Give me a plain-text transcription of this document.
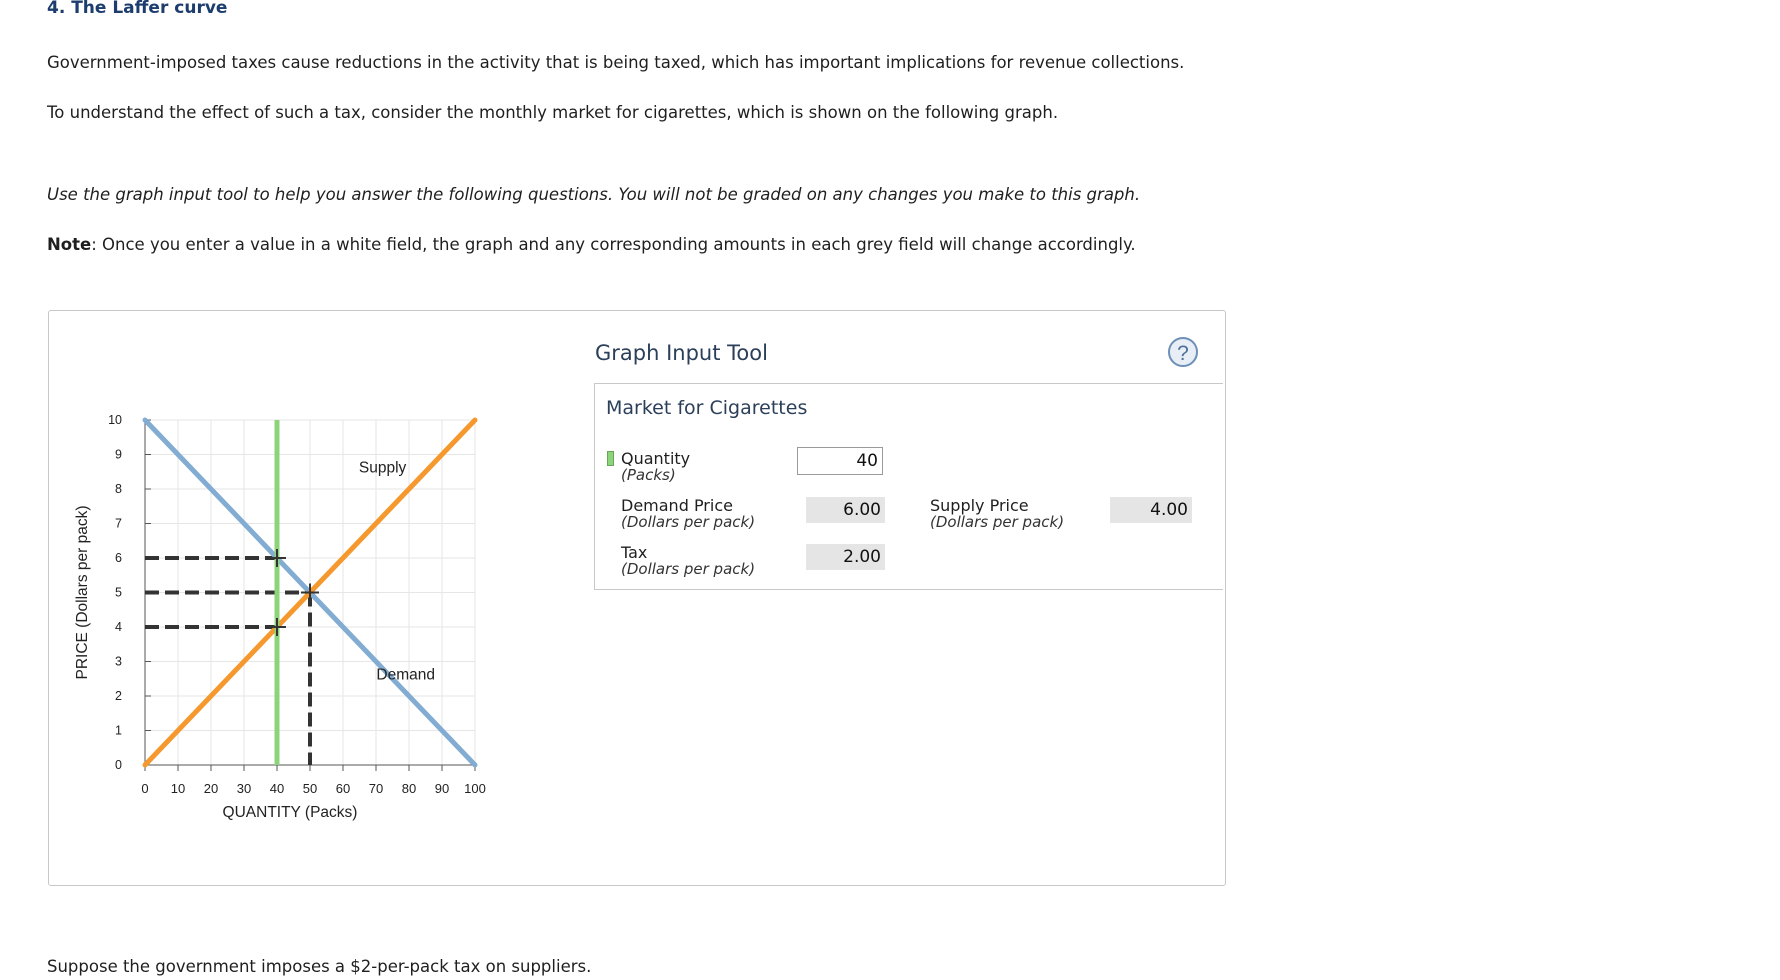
4. The Laffer curve
Government-imposed taxes cause reductions in the activity that is being taxed, which has important implications for revenue collections.
To understand the effect of such a tax, consider the monthly market for cigarettes, which is shown on the following graph.
Use the graph input tool to help you answer the following questions. You will not be graded on any changes you make to this graph.
Note: Once you enter a value in a white field, the graph and any corresponding amounts in each grey field will change accordingly.
0 10 20 30 40 50 60 70 80 90 100
0
1
2
3
4
5
6
7
8
9
10
QUANTITY (Packs)
PRICE (Dollars per pack)
Supply
Demand
Graph Input Tool	?
Market for Cigarettes
Quantity
(Packs)
40
Demand Price
(Dollars per pack)
6.00	Supply Price
(Dollars per pack)
4.00
Tax
(Dollars per pack)
2.00
Suppose the government imposes a $2-per-pack tax on suppliers.
